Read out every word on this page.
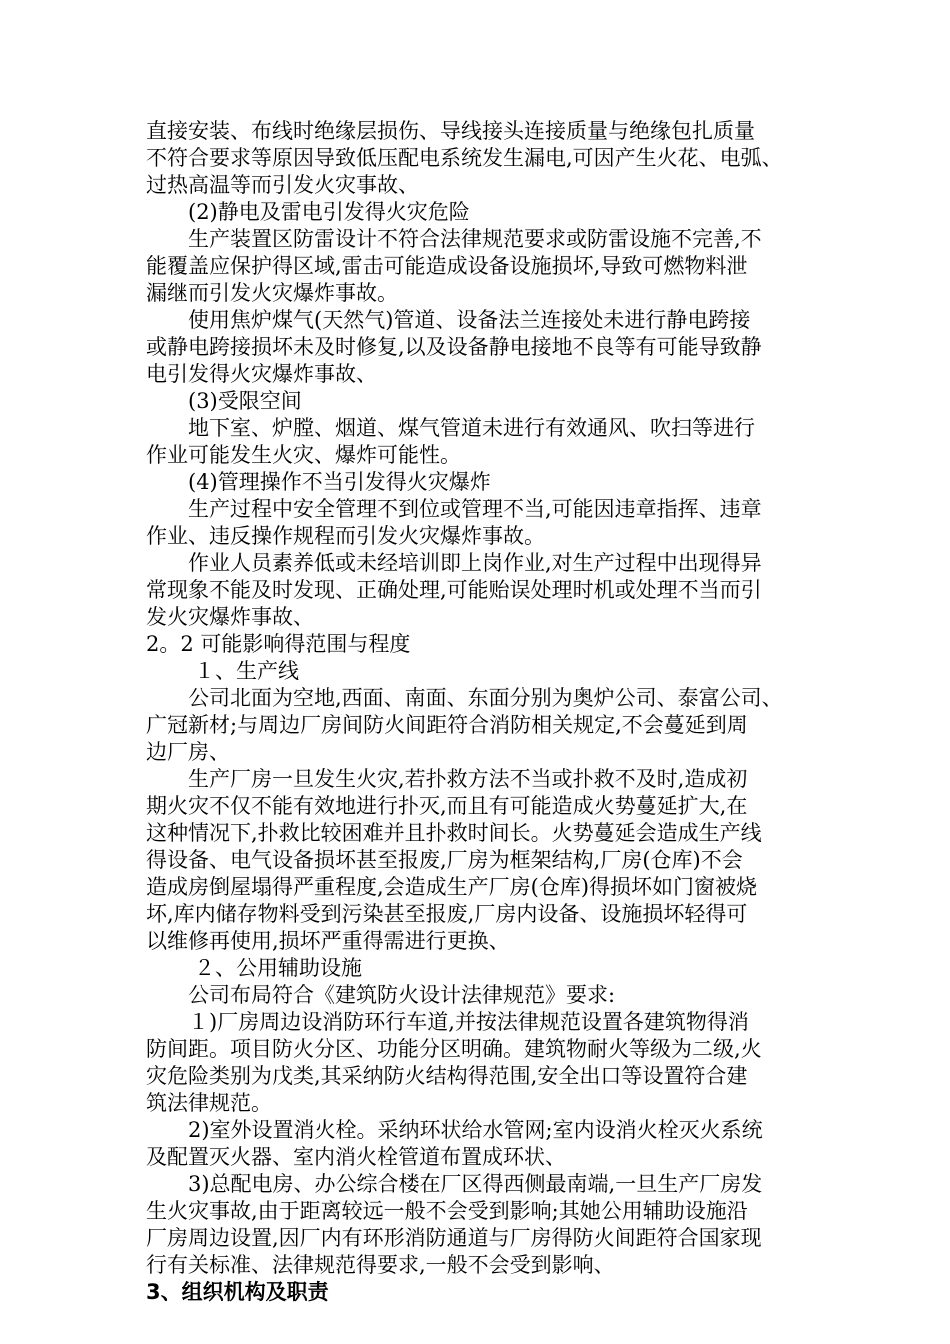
直接安装、布线时绝缘层损伤、导线接头连接质量与绝缘包扎质量
不符合要求等原因导致低压配电系统发生漏电,可因产生火花、电弧、
过热高温等而引发火灾事故、
(2)静电及雷电引发得火灾危险
生产装置区防雷设计不符合法律规范要求或防雷设施不完善,不
能覆盖应保护得区域,雷击可能造成设备设施损坏,导致可燃物料泄
漏继而引发火灾爆炸事故。
使用焦炉煤气(天然气)管道、设备法兰连接处未进行静电跨接
或静电跨接损坏未及时修复,以及设备静电接地不良等有可能导致静
电引发得火灾爆炸事故、
(3)受限空间
地下室、炉膛、烟道、煤气管道未进行有效通风、吹扫等进行
作业可能发生火灾、爆炸可能性。
(4)管理操作不当引发得火灾爆炸
生产过程中安全管理不到位或管理不当,可能因违章指挥、违章
作业、违反操作规程而引发火灾爆炸事故。
作业人员素养低或未经培训即上岗作业,对生产过程中出现得异
常现象不能及时发现、正确处理,可能贻误处理时机或处理不当而引
发火灾爆炸事故、
2。2 可能影响得范围与程度
１、生产线
公司北面为空地,西面、南面、东面分别为奥炉公司、泰富公司、
广冠新材;与周边厂房间防火间距符合消防相关规定,不会蔓延到周
边厂房、
生产厂房一旦发生火灾,若扑救方法不当或扑救不及时,造成初
期火灾不仅不能有效地进行扑灭,而且有可能造成火势蔓延扩大,在
这种情况下,扑救比较困难并且扑救时间长。火势蔓延会造成生产线
得设备、电气设备损坏甚至报废,厂房为框架结构,厂房(仓库)不会
造成房倒屋塌得严重程度,会造成生产厂房(仓库)得损坏如门窗被烧
坏,库内储存物料受到污染甚至报废,厂房内设备、设施损坏轻得可
以维修再使用,损坏严重得需进行更换、
２、公用辅助设施
公司布局符合《建筑防火设计法律规范》要求:
１)厂房周边设消防环行车道,并按法律规范设置各建筑物得消
防间距。项目防火分区、功能分区明确。建筑物耐火等级为二级,火
灾危险类别为戊类,其采纳防火结构得范围,安全出口等设置符合建
筑法律规范。
2)室外设置消火栓。采纳环状给水管网;室内设消火栓灭火系统
及配置灭火器、室内消火栓管道布置成环状、
3)总配电房、办公综合楼在厂区得西侧最南端,一旦生产厂房发
生火灾事故,由于距离较远一般不会受到影响;其她公用辅助设施沿
厂房周边设置,因厂内有环形消防通道与厂房得防火间距符合国家现
行有关标准、法律规范得要求,一般不会受到影响、
3、组织机构及职责
